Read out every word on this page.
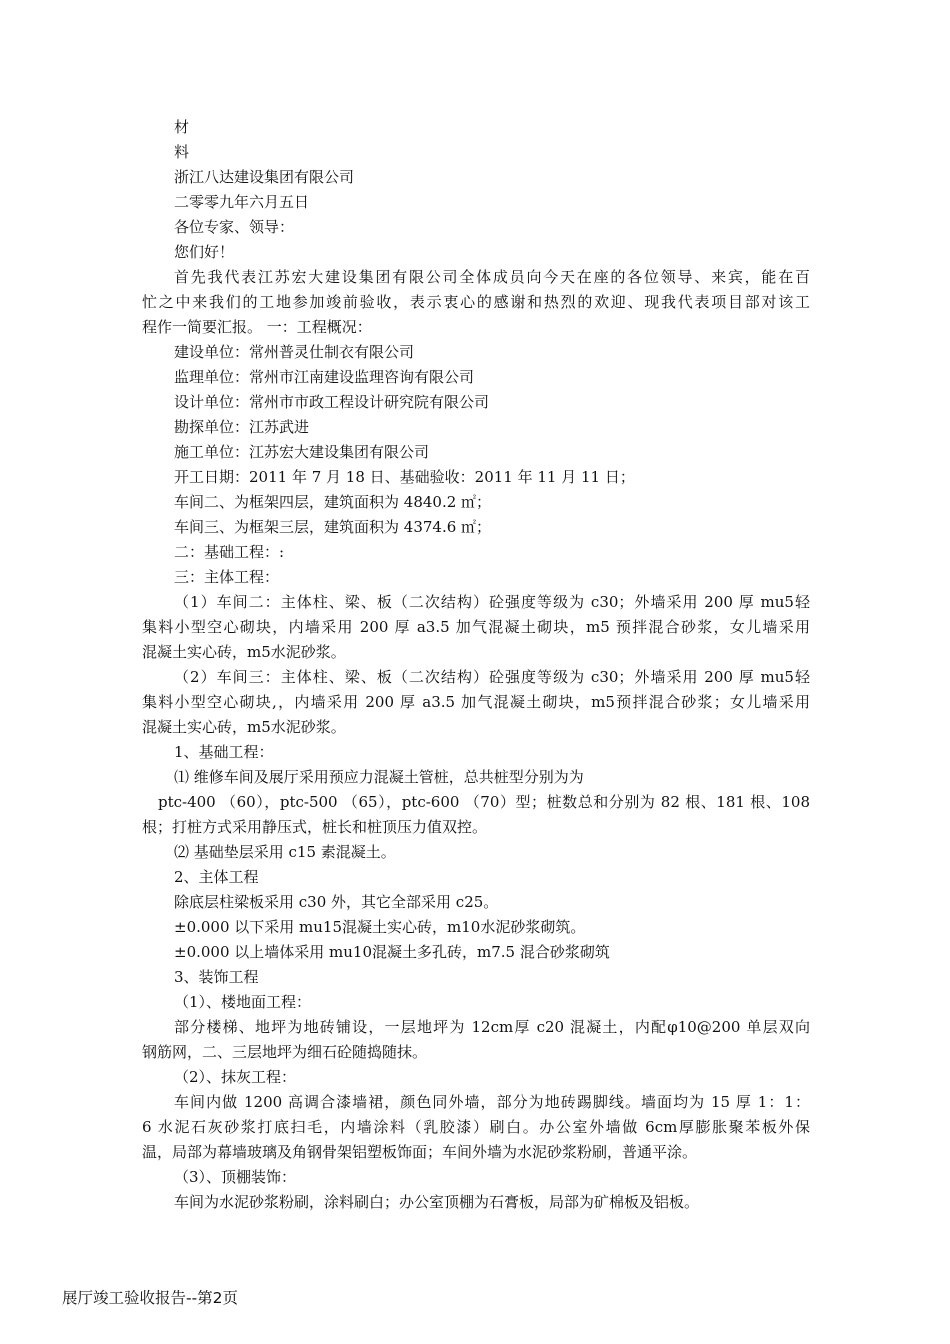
材

料

浙江八达建设集团有限公司

二零零九年六月五日

各位专家、领导：

您们好！

首先我代表江苏宏大建设集团有限公司全体成员向今天在座的各位领导、来宾，能在百

忙之中来我们的工地参加竣前验收，表示衷心的感谢和热烈的欢迎、现我代表项目部对该工

程作一简要汇报。 一：工程概况：

建设单位：常州普灵仕制衣有限公司

监理单位：常州市江南建设监理咨询有限公司

设计单位：常州市市政工程设计研究院有限公司

勘探单位：江苏武进

施工单位：江苏宏大建设集团有限公司

开工日期：2011 年 7 月 18 日、基础验收：2011 年 11 月 11 日；

车间二、为框架四层，建筑面积为 4840.2 ㎡；

车间三、为框架三层，建筑面积为 4374.6 ㎡；

二：基础工程：:

三：主体工程：

（1）车间二：主体柱、梁、板（二次结构）砼强度等级为 c30；外墙采用 200 厚 mu5轻

集料小型空心砌块，内墙采用 200 厚 a3.5 加气混凝土砌块，m5 预拌混合砂浆，女儿墙采用

混凝土实心砖，m5水泥砂浆。

（2）车间三：主体柱、梁、板（二次结构）砼强度等级为 c30；外墙采用 200 厚 mu5轻

集料小型空心砌块,，内墙采用 200 厚 a3.5 加气混凝土砌块，m5预拌混合砂浆；女儿墙采用

混凝土实心砖，m5水泥砂浆。

1、基础工程：

⑴ 维修车间及展厅采用预应力混凝土管桩，总共桩型分别为为

ptc-400 （60），ptc-500 （65），ptc-600 （70）型；桩数总和分别为 82 根、181 根、108

根；打桩方式采用静压式，桩长和桩顶压力值双控。

⑵ 基础垫层采用 c15 素混凝土。

2、主体工程

除底层柱梁板采用 c30 外，其它全部采用 c25。

±0.000 以下采用 mu15混凝土实心砖，m10水泥砂浆砌筑。

±0.000 以上墙体采用 mu10混凝土多孔砖，m7.5 混合砂浆砌筑

3、装饰工程

（1）、楼地面工程：

部分楼梯、地坪为地砖铺设，一层地坪为 12cm厚 c20 混凝土，内配φ10@200 单层双向

钢筋网，二、三层地坪为细石砼随捣随抹。

（2）、抹灰工程：

车间内做 1200 高调合漆墙裙，颜色同外墙，部分为地砖踢脚线。墙面均为 15 厚 1：1：

6 水泥石灰砂浆打底扫毛，内墙涂料（乳胶漆）刷白。办公室外墙做 6cm厚膨胀聚苯板外保

温，局部为幕墙玻璃及角钢骨架铝塑板饰面；车间外墙为水泥砂浆粉刷，普通平涂。

（3）、顶棚装饰：

车间为水泥砂浆粉刷，涂料刷白；办公室顶棚为石膏板，局部为矿棉板及铝板。

展厅竣工验收报告--第2页
